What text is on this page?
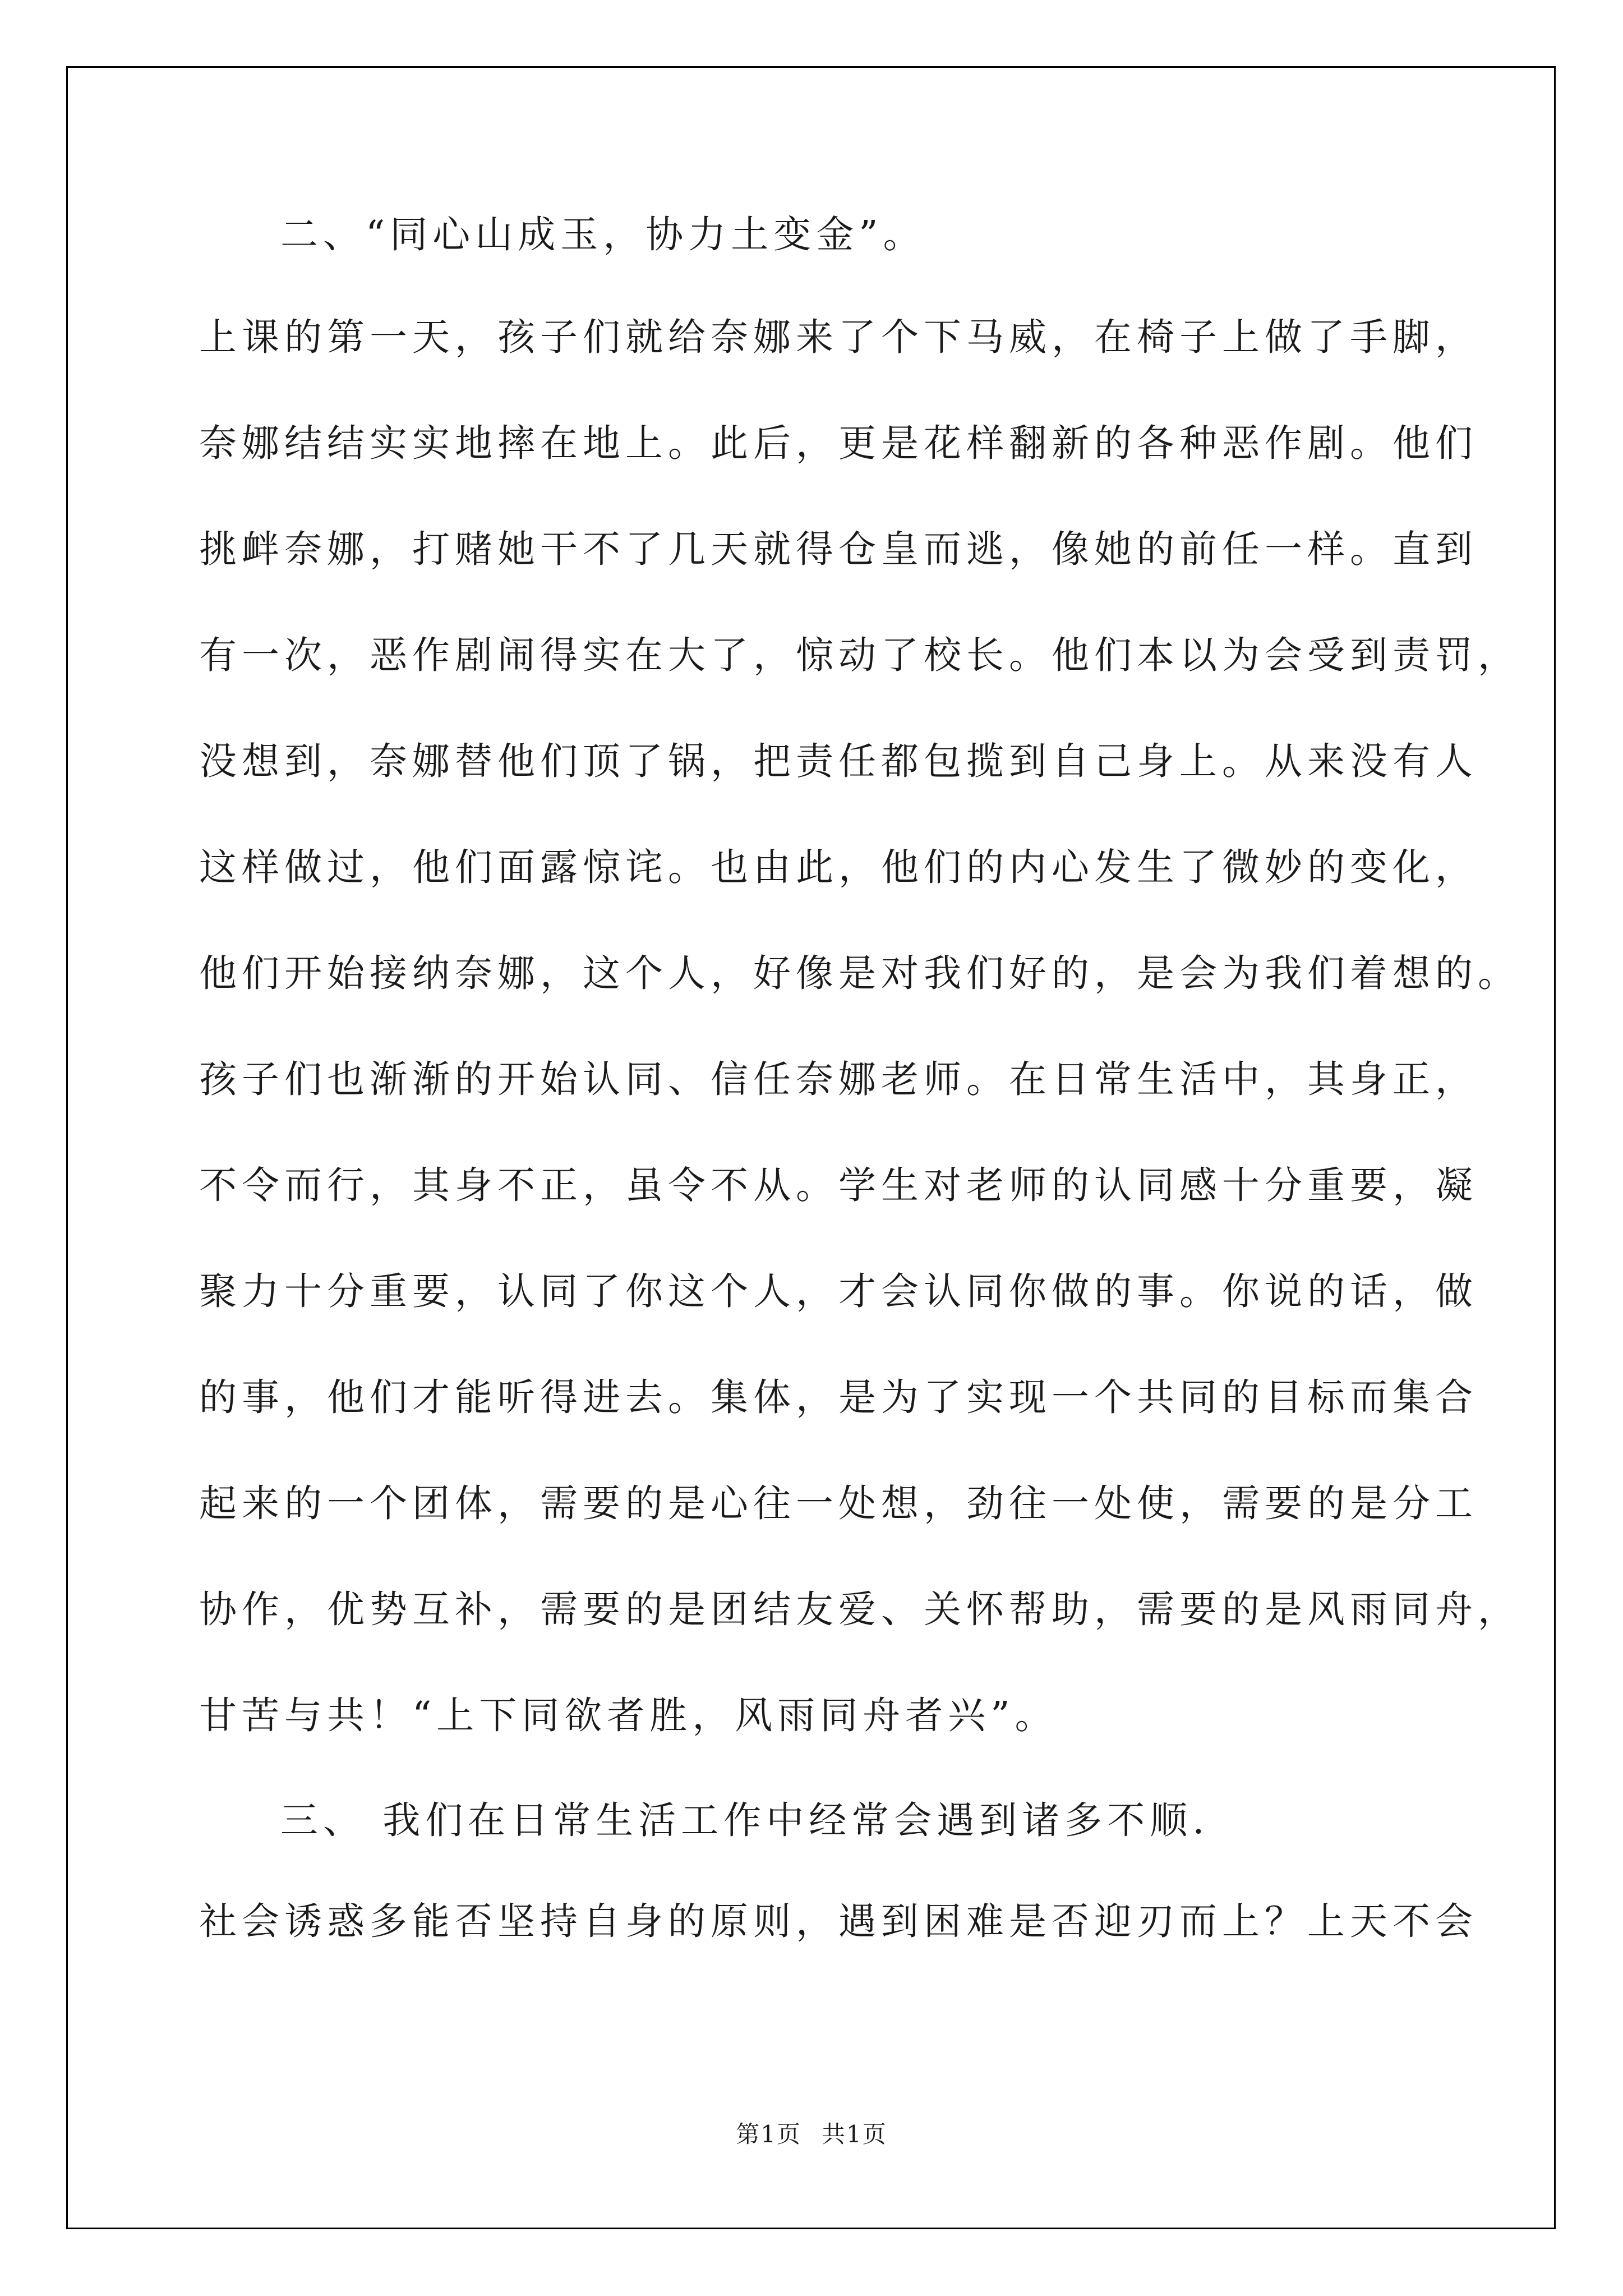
二、“同心山成玉，协力土变金”。
上课的第一天，孩子们就给奈娜来了个下马威，在椅子上做了手脚，
奈娜结结实实地摔在地上。此后，更是花样翻新的各种恶作剧。他们
挑衅奈娜，打赌她干不了几天就得仓皇而逃，像她的前任一样。直到
有一次，恶作剧闹得实在大了，惊动了校长。他们本以为会受到责罚，
没想到，奈娜替他们顶了锅，把责任都包揽到自己身上。从来没有人
这样做过，他们面露惊诧。也由此，他们的内心发生了微妙的变化，
他们开始接纳奈娜，这个人，好像是对我们好的，是会为我们着想的。
孩子们也渐渐的开始认同、信任奈娜老师。在日常生活中，其身正，
不令而行，其身不正，虽令不从。学生对老师的认同感十分重要，凝
聚力十分重要，认同了你这个人，才会认同你做的事。你说的话，做
的事，他们才能听得进去。集体，是为了实现一个共同的目标而集合
起来的一个团体，需要的是心往一处想，劲往一处使，需要的是分工
协作，优势互补，需要的是团结友爱、关怀帮助，需要的是风雨同舟，
甘苦与共！“上下同欲者胜，风雨同舟者兴”。
三、 我们在日常生活工作中经常会遇到诸多不顺.
社会诱惑多能否坚持自身的原则，遇到困难是否迎刃而上？上天不会
第1页 共1页
